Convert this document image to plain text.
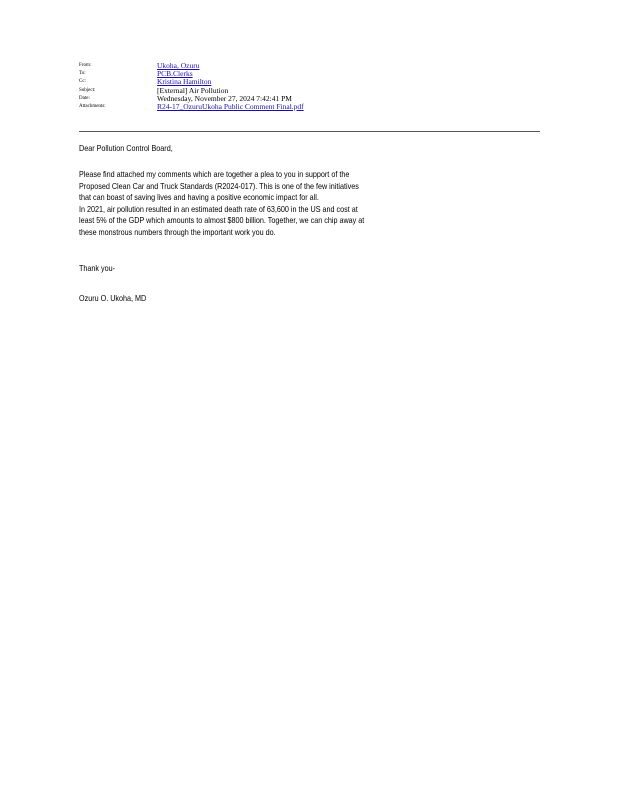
From:	Ukoha, Ozuru
To:	PCB.Clerks
Cc:	Kristina Hamilton
Subject:	[External] Air Pollution
Date:	Wednesday, November 27, 2024 7:42:41 PM
Attachments:	R24-17_OzuruUkoha Public Comment Final.pdf
Dear Pollution Control Board,
Please find attached my comments which are together a plea to you in support of the
Proposed Clean Car and Truck Standards (R2024-017). This is one of the few initiatives
that can boast of saving lives and having a positive economic impact for all.
In 2021, air pollution resulted in an estimated death rate of 63,600 in the US and cost at
least 5% of the GDP which amounts to almost $800 billion. Together, we can chip away at
these monstrous numbers through the important work you do.
Thank you-
Ozuru O. Ukoha, MD
